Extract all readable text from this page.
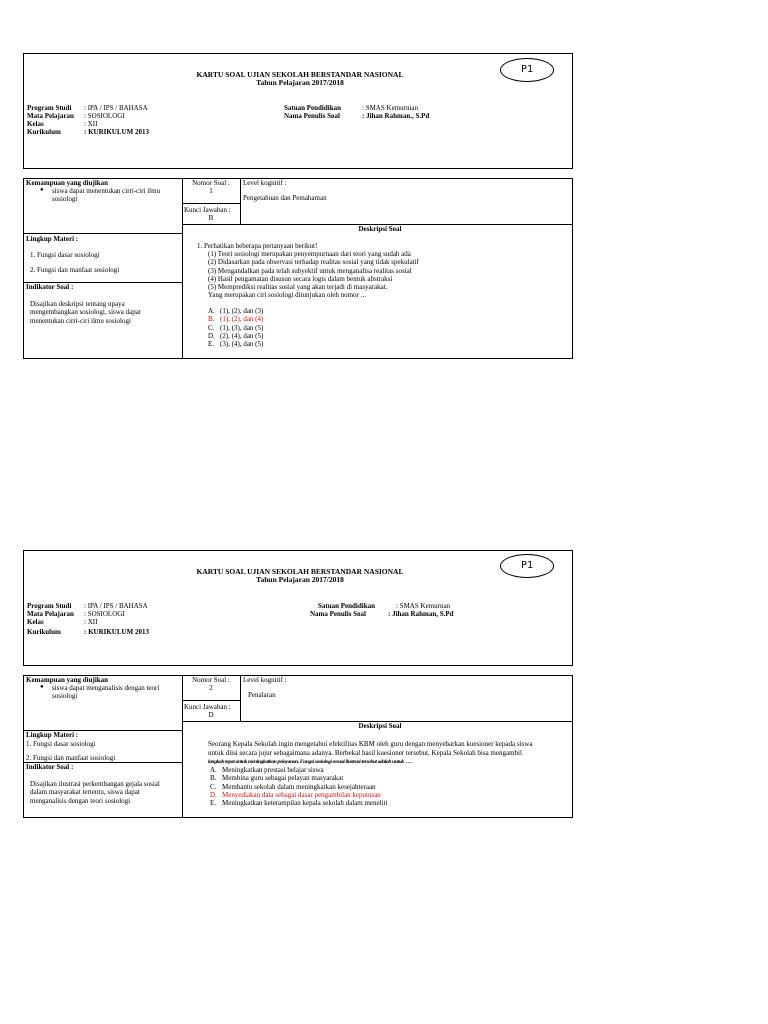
P1
KARTU SOAL UJIAN SEKOLAH BERSTANDAR NASIONAL
Tahun Pelajaran 2017/2018
Program Studi : IPA / IPS / BAHASA
Mata Pelajaran : SOSIOLOGI
Kelas	: XII
Kurikulum	: KURIKULUM 2013
Satuan Pendidikan	: SMAS Kemurnian
Nama Penulis Soal	: Jihan Rahman., S.Pd
Kemampuan yang diujikan
● siswa dapat menentukan cirri-ciri ilmu sosiologi
Nomor Soal :
1
Kunci Jawaban :
B
Level kognitif :
Pengetahuan dan Pemahaman
Deskripsi Soal
Lingkup Materi :
1. Fungsi dasar sosiologi
2. Fungsi dan manfaat sosiologi
Indikator Soal :
Disajikan deskripsi tentang upaya mengembangkan sosiologi, siswa dapat menentukan cirri-ciri ilmu sosiologi
1. Perhatikan beberapa pertanyaan berikut!
(1) Teori sosiologi merupakan penyempurnaan dari teori yang sudah ada
(2) Didasarkan pada observasi terhadap realitas sosial yang tidak spekulatif
(3) Mengandalkan pada telah subyektif untuk menganalisa realitas sosial
(4) Hasil pengamatan disusun secara logis dalam bentuk abstraksi
(5) Memprediksi realitas sosial yang akan terjadi di masyarakat.
Yang merupakan ciri sosiologi ditunjukan oleh nomor ...
A. (1), (2), dan (3)
B. (1), (2), dan (4)
C. (1), (3), dan (5)
D. (2), (4), dan (5)
E. (3), (4), dan (5)
P1
KARTU SOAL UJIAN SEKOLAH BERSTANDAR NASIONAL
Tahun Pelajaran 2017/2018
Program Studi : IPA / IPS / BAHASA
Mata Pelajaran : SOSIOLOGI
Kelas	: XII
Kurikulum	: KURIKULUM 2013
Satuan Pendidikan	: SMAS Kemurnan
Nama Penulis Soal	: Jihan Rahman, S.Pd
Kemampuan yang diujikan
● siswa dapat menganalisis dengan teori sosiologi
Nomor Soal :
2
Kunci Jawaban :
D
Level kognitif :
Penalaran
Deskripsi Soal
Lingkup Materi :
1. Fungsi dasar sosiologi
2. Fungsi dan manfaat sosiologi
Indikator Soal :
Disajikan ilustrasi perkembangan gejala sosial dalam masyarakat tertentu, siswa dapat menganalisis dengan teori sosiologi
Seorang Kepala Sekolah ingin mengetahui efektifitas KBM oleh guru dengan menyebarkan kuesioner kepada siswa
untuk diisi secara jujur sebagaimana adanya. Berbekal hasil kuesioner tersebut, Kepala Sekolah bisa mengambil
langkah tepat untuk meningkatkan pelayanan. Fungsi sosiologi sesuai ilustrasi tersebut adalah untuk ....
A. Meningkatkan prestasi belajar siswa
B. Membina guru sebagai pelayan masyarakat
C. Membantu sekolah dalam meningkatkan kesejahteraan
D. Menyediakan data sebagai dasar pengambilan keputusan
E. Meningkatkan keterampilan kepala sekolah dalam meneliti
